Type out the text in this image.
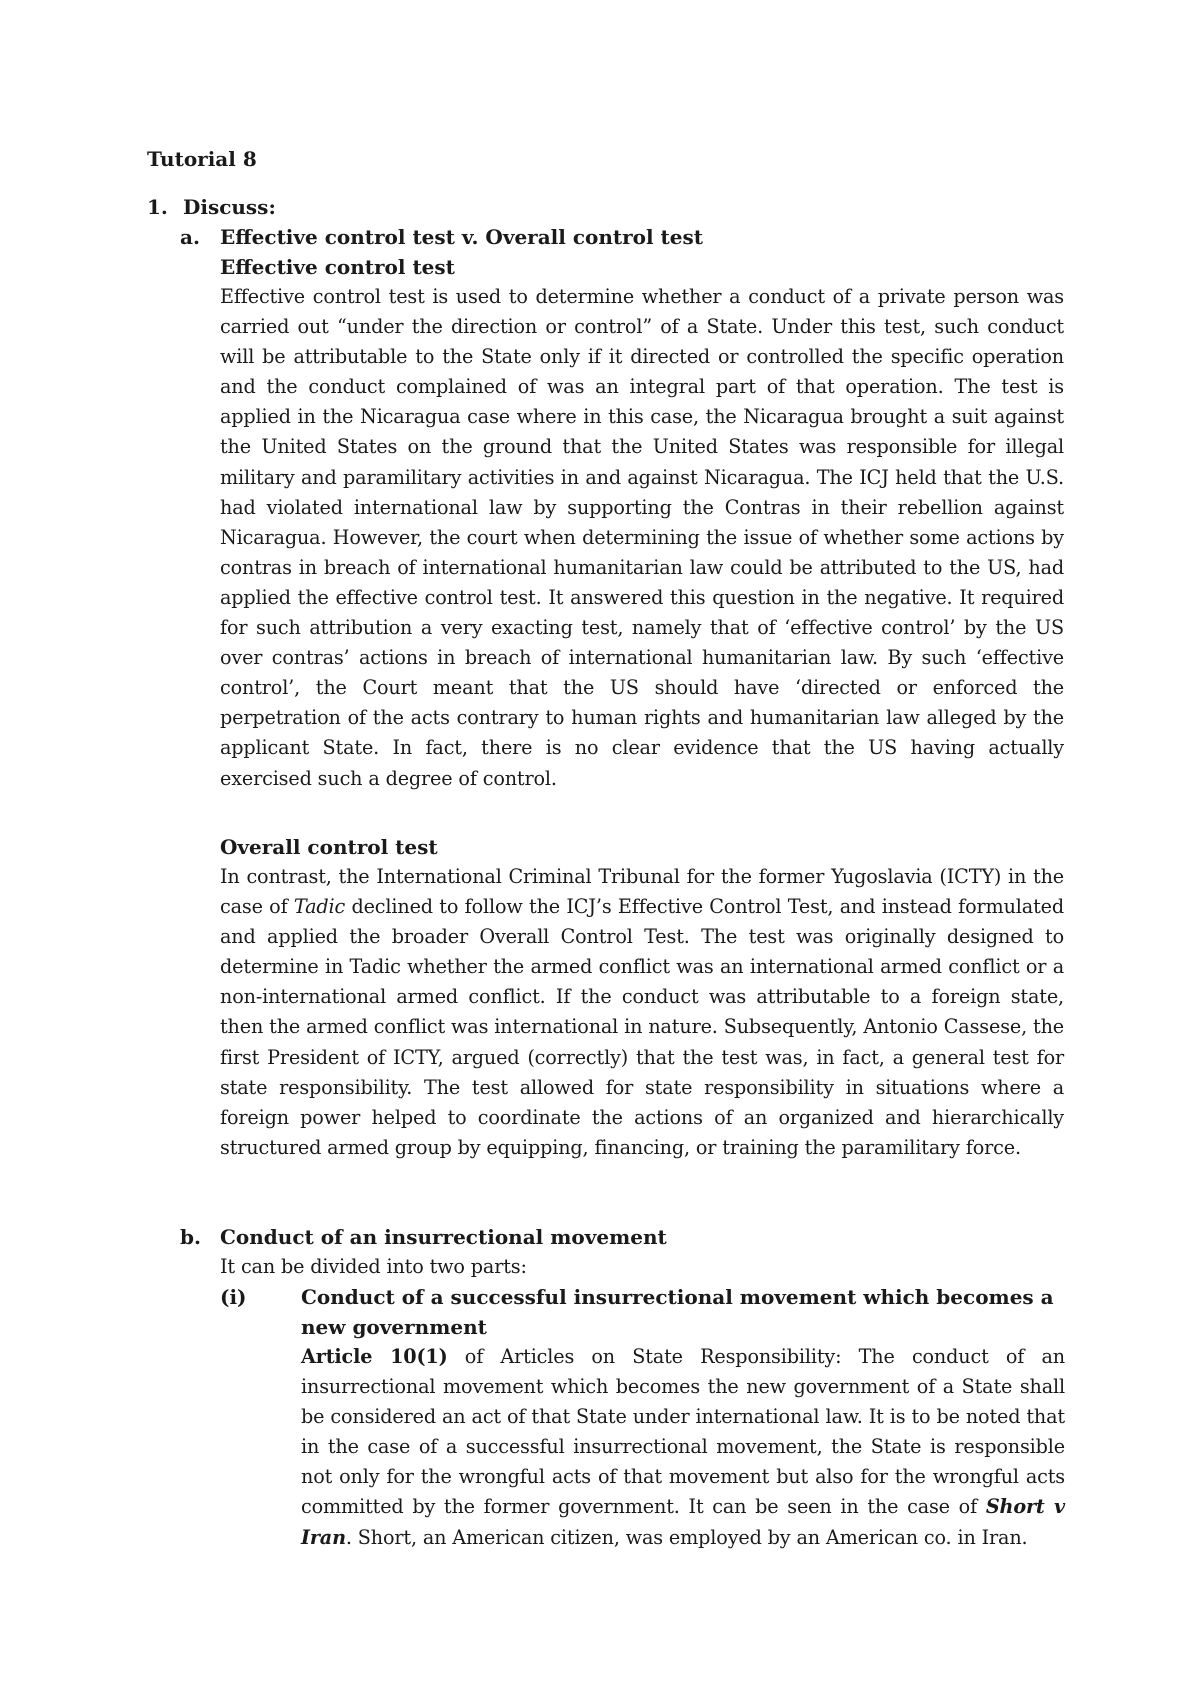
Tutorial 8
1. Discuss:
a. Effective control test v. Overall control test
Effective control test
Effective control test is used to determine whether a conduct of a private person was carried out “under the direction or control” of a State. Under this test, such conduct will be attributable to the State only if it directed or controlled the specific operation and the conduct complained of was an integral part of that operation. The test is applied in the Nicaragua case where in this case, the Nicaragua brought a suit against the United States on the ground that the United States was responsible for illegal military and paramilitary activities in and against Nicaragua. The ICJ held that the U.S. had violated international law by supporting the Contras in their rebellion against Nicaragua. However, the court when determining the issue of whether some actions by contras in breach of international humanitarian law could be attributed to the US, had applied the effective control test. It answered this question in the negative. It required for such attribution a very exacting test, namely that of ‘effective control’ by the US over contras’ actions in breach of international humanitarian law. By such ‘effective control’, the Court meant that the US should have ‘directed or enforced the perpetration of the acts contrary to human rights and humanitarian law alleged by the applicant State. In fact, there is no clear evidence that the US having actually exercised such a degree of control.
Overall control test
In contrast, the International Criminal Tribunal for the former Yugoslavia (ICTY) in the case of Tadic declined to follow the ICJ’s Effective Control Test, and instead formulated and applied the broader Overall Control Test. The test was originally designed to determine in Tadic whether the armed conflict was an international armed conflict or a non-international armed conflict. If the conduct was attributable to a foreign state, then the armed conflict was international in nature. Subsequently, Antonio Cassese, the first President of ICTY, argued (correctly) that the test was, in fact, a general test for state responsibility. The test allowed for state responsibility in situations where a foreign power helped to coordinate the actions of an organized and hierarchically structured armed group by equipping, financing, or training the paramilitary force.
b. Conduct of an insurrectional movement
It can be divided into two parts:
(i)	Conduct of a successful insurrectional movement which becomes a new government
Article 10(1) of Articles on State Responsibility: The conduct of an insurrectional movement which becomes the new government of a State shall be considered an act of that State under international law. It is to be noted that in the case of a successful insurrectional movement, the State is responsible not only for the wrongful acts of that movement but also for the wrongful acts committed by the former government. It can be seen in the case of Short v Iran. Short, an American citizen, was employed by an American co. in Iran.
